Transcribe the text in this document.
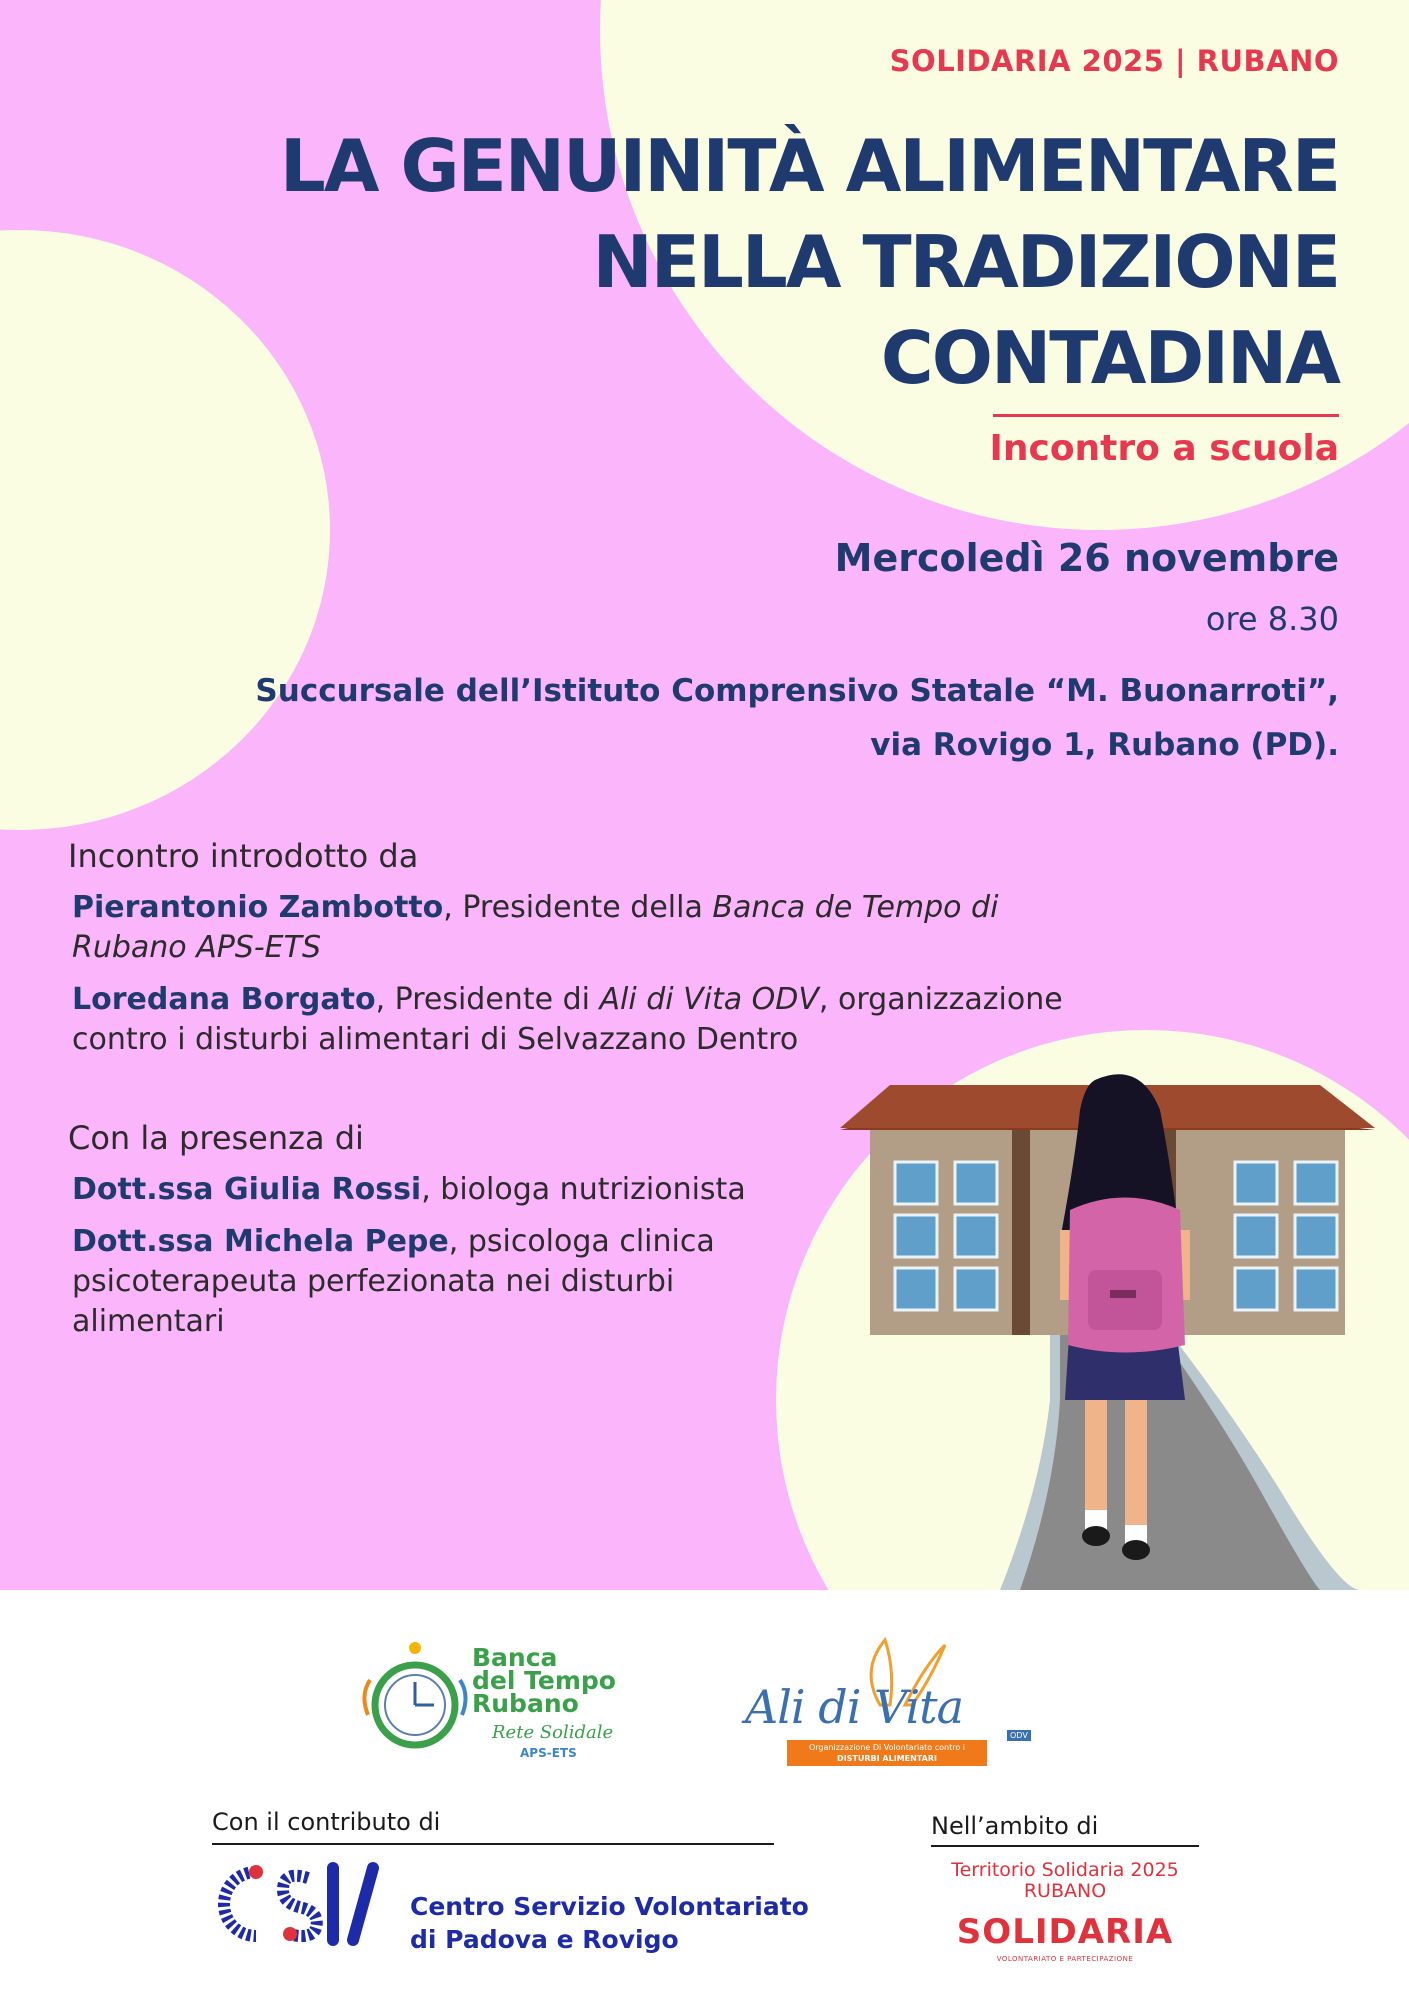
SOLIDARIA 2025 | RUBANO
LA GENUINITÀ ALIMENTARE
NELLA TRADIZIONE
CONTADINA
Incontro a scuola
Mercoledì 26 novembre
ore 8.30
Succursale dell’Istituto Comprensivo Statale “M. Buonarroti”,
via Rovigo 1, Rubano (PD).
Incontro introdotto da
Pierantonio Zambotto, Presidente della Banca de Tempo di
Rubano APS-ETS
Loredana Borgato, Presidente di Ali di Vita ODV, organizzazione
contro i disturbi alimentari di Selvazzano Dentro
Con la presenza di
Dott.ssa Giulia Rossi, biologa nutrizionista
Dott.ssa Michela Pepe, psicologa clinica
psicoterapeuta perfezionata nei disturbi
alimentari
Banca
del Tempo
Rubano
Rete Solidale
APS-ETS
Ali di Vita
ODV
Organizzazione Di Volontariato contro i
DISTURBI ALIMENTARI
Con il contributo di
Centro Servizio Volontariato
di Padova e Rovigo
Nell’ambito di
Territorio Solidaria 2025
RUBANO
SOLIDARIA
VOLONTARIATO E PARTECIPAZIONE
